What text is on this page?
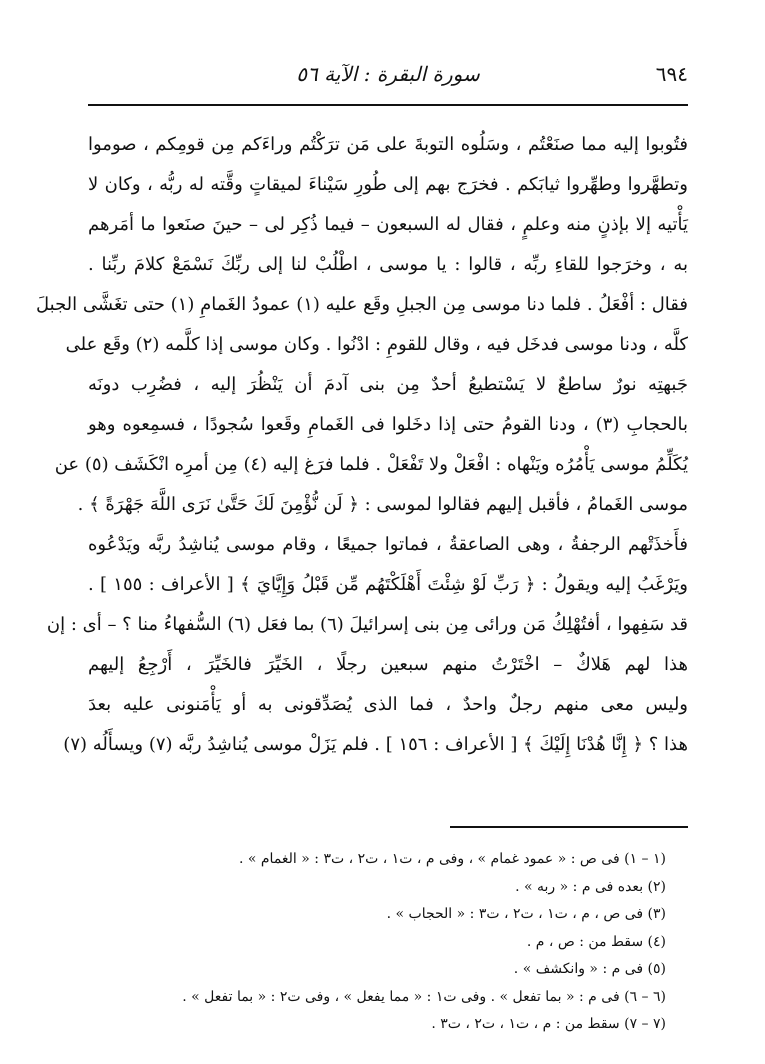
٦٩٤
سورة البقرة : الآية ٥٦
فتُوبوا إليه مما صنَعْتُم ، وسَلُوه التوبةَ على مَن ترَكْتُم وراءَكم مِن قومِكم ، صوموا
وتطهَّروا وطهِّروا ثيابَكم . فخرَج بهم إلى طُورِ سَيْناءَ لميقاتٍ وقَّته له ربُّه ، وكان لا
يَأْتيه إلا بإذنٍ منه وعلمٍ ، فقال له السبعون – فيما ذُكِر لى – حينَ صنَعوا ما أمَرهم
به ، وخرَجوا للقاءِ ربِّه ، قالوا : يا موسى ، اطْلُبْ لنا إلى ربِّكَ نَسْمَعْ كلامَ ربِّنا .
فقال : أفْعَلُ . فلما دنا موسى مِن الجبلِ وقَع عليه (١) عمودُ الغَمامِ (١) حتى تغَشَّى الجبلَ
كلَّه ، ودنا موسى فدخَل فيه ، وقال للقومِ : ادْنُوا . وكان موسى إذا كلَّمه (٢) وقَع على
جَبهتِه نورٌ ساطعٌ لا يَسْتطيعُ أحدٌ مِن بنى آدمَ أن يَنْظُرَ إليه ، فضُرِب دونَه
بالحجابِ (٣) ، ودنا القومُ حتى إذا دخَلوا فى الغَمامِ وقَعوا سُجودًا ، فسمِعوه وهو
يُكَلِّمُ موسى يَأْمُرُه ويَنْهاه : افْعَلْ ولا تَفْعَلْ . فلما فرَغ إليه (٤) مِن أمرِه انْكَشَف (٥) عن
موسى الغَمامُ ، فأقبل إليهم فقالوا لموسى : ﴿ لَن نُّؤْمِنَ لَكَ حَتَّىٰ نَرَى اللَّهَ جَهْرَةً ﴾ .
فأَخذَتْهم الرجفةُ ، وهى الصاعقةُ ، فماتوا جميعًا ، وقام موسى يُناشِدُ ربَّه ويَدْعُوه
ويَرْغَبُ إليه ويقولُ : ﴿ رَبِّ لَوْ شِئْتَ أَهْلَكْتَهُم مِّن قَبْلُ وَإِيَّايَ ﴾ [ الأعراف : ١٥٥ ] .
قد سَفِهوا ، أفتُهْلِكُ مَن ورائى مِن بنى إسرائيلَ (٦) بما فعَل (٦) السُّفهاءُ منا ؟ – أى : إن
هذا لهم هَلاكٌ – اخْتَرْتُ منهم سبعين رجلًا ، الخَيِّرَ فالخَيِّرَ ، أَرْجِعُ إليهم
وليس معى منهم رجلٌ واحدٌ ، فما الذى يُصَدِّقونى به أو يَأْمَنونى عليه بعدَ
هذا ؟ ﴿ إِنَّا هُدْنَا إِلَيْكَ ﴾ [ الأعراف : ١٥٦ ] . فلم يَزَلْ موسى يُناشِدُ ربَّه (٧) ويسأَلُه (٧)
(١ – ١) فى ص : « عمود غمام » ، وفى م ، ت١ ، ت٢ ، ت٣ : « الغمام » .
(٢) بعده فى م : « ربه » .
(٣) فى ص ، م ، ت١ ، ت٢ ، ت٣ : « الحجاب » .
(٤) سقط من : ص ، م .
(٥) فى م : « وانكشف » .
(٦ – ٦) فى م : « بما تفعل » . وفى ت١ : « مما يفعل » ، وفى ت٢ : « بما تفعل » .
(٧ – ٧) سقط من : م ، ت١ ، ت٢ ، ت٣ .
